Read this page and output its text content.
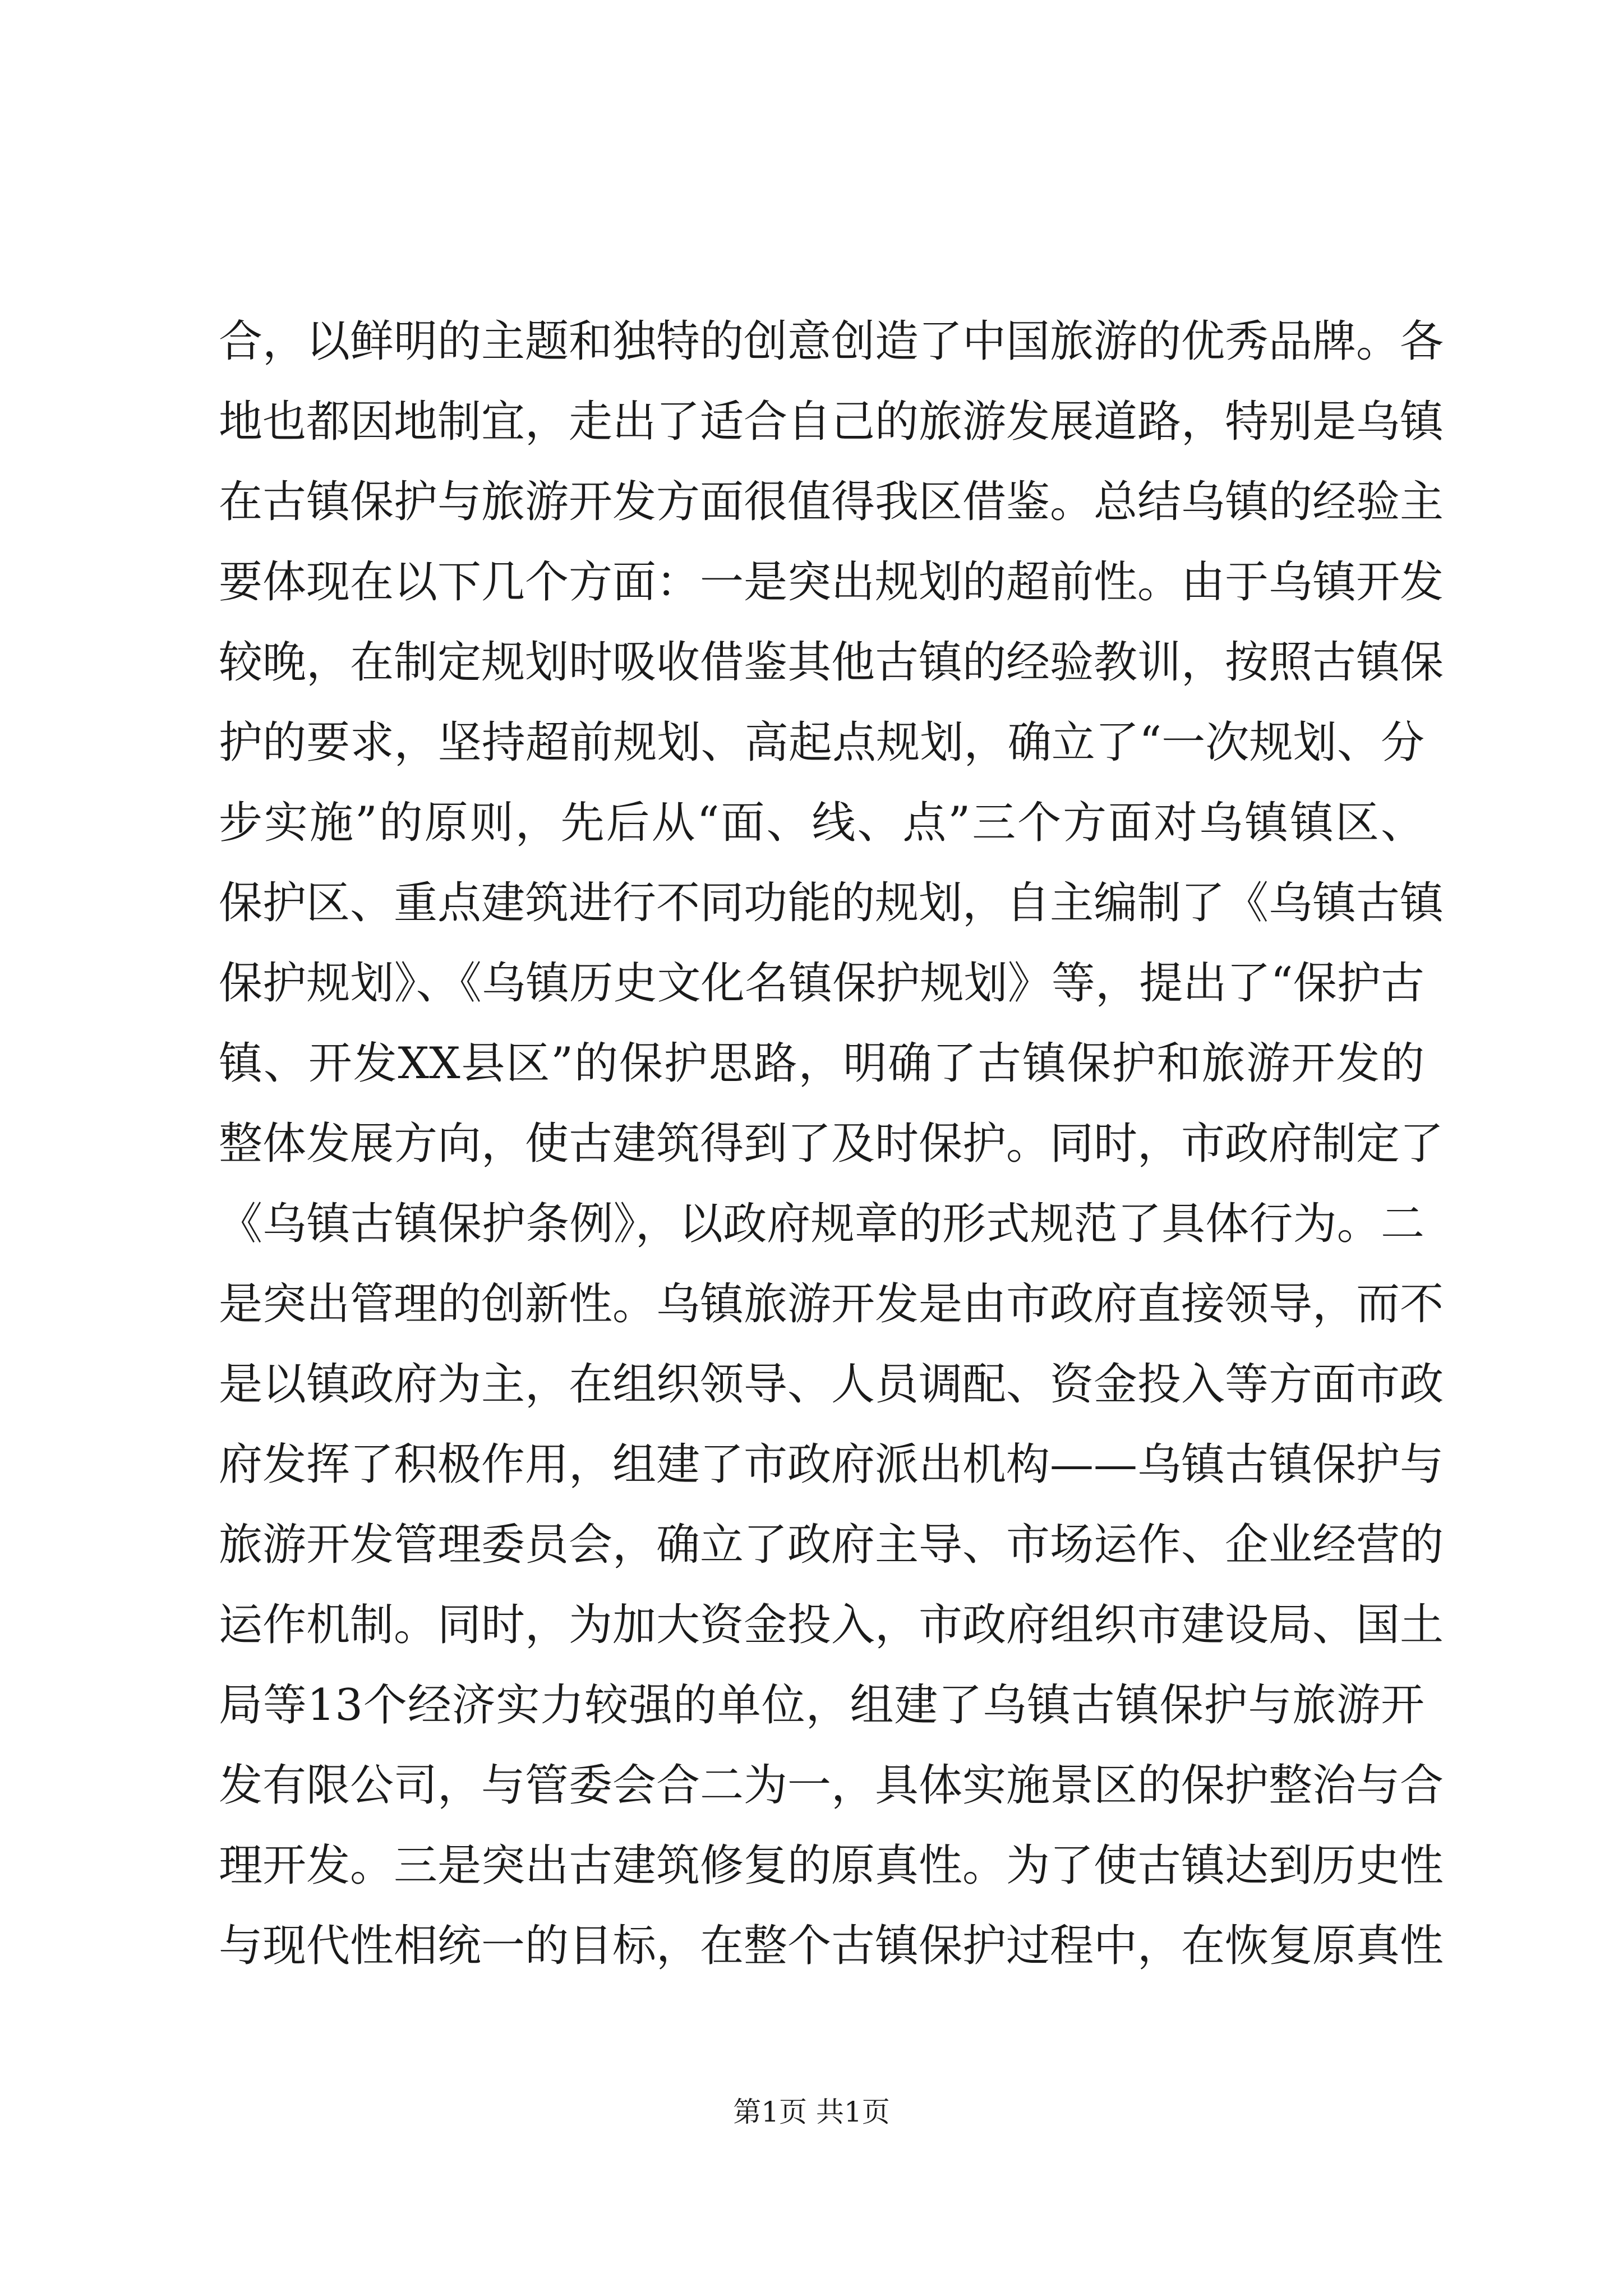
合，以鲜明的主题和独特的创意创造了中国旅游的优秀品牌。各
地也都因地制宜，走出了适合自己的旅游发展道路，特别是乌镇
在古镇保护与旅游开发方面很值得我区借鉴。总结乌镇的经验主
要体现在以下几个方面：一是突出规划的超前性。由于乌镇开发
较晚，在制定规划时吸收借鉴其他古镇的经验教训，按照古镇保
护的要求，坚持超前规划、高起点规划，确立了“一次规划、分
步实施”的原则，先后从“面、线、点”三个方面对乌镇镇区、
保护区、重点建筑进行不同功能的规划，自主编制了《乌镇古镇
保护规划》、《乌镇历史文化名镇保护规划》等，提出了“保护古
镇、开发XX县区”的保护思路，明确了古镇保护和旅游开发的
整体发展方向，使古建筑得到了及时保护。同时，市政府制定了
《乌镇古镇保护条例》，以政府规章的形式规范了具体行为。二
是突出管理的创新性。乌镇旅游开发是由市政府直接领导，而不
是以镇政府为主，在组织领导、人员调配、资金投入等方面市政
府发挥了积极作用，组建了市政府派出机构——乌镇古镇保护与
旅游开发管理委员会，确立了政府主导、市场运作、企业经营的
运作机制。同时，为加大资金投入，市政府组织市建设局、国土
局等13个经济实力较强的单位，组建了乌镇古镇保护与旅游开
发有限公司，与管委会合二为一，具体实施景区的保护整治与合
理开发。三是突出古建筑修复的原真性。为了使古镇达到历史性
与现代性相统一的目标，在整个古镇保护过程中，在恢复原真性
第1页 共1页
